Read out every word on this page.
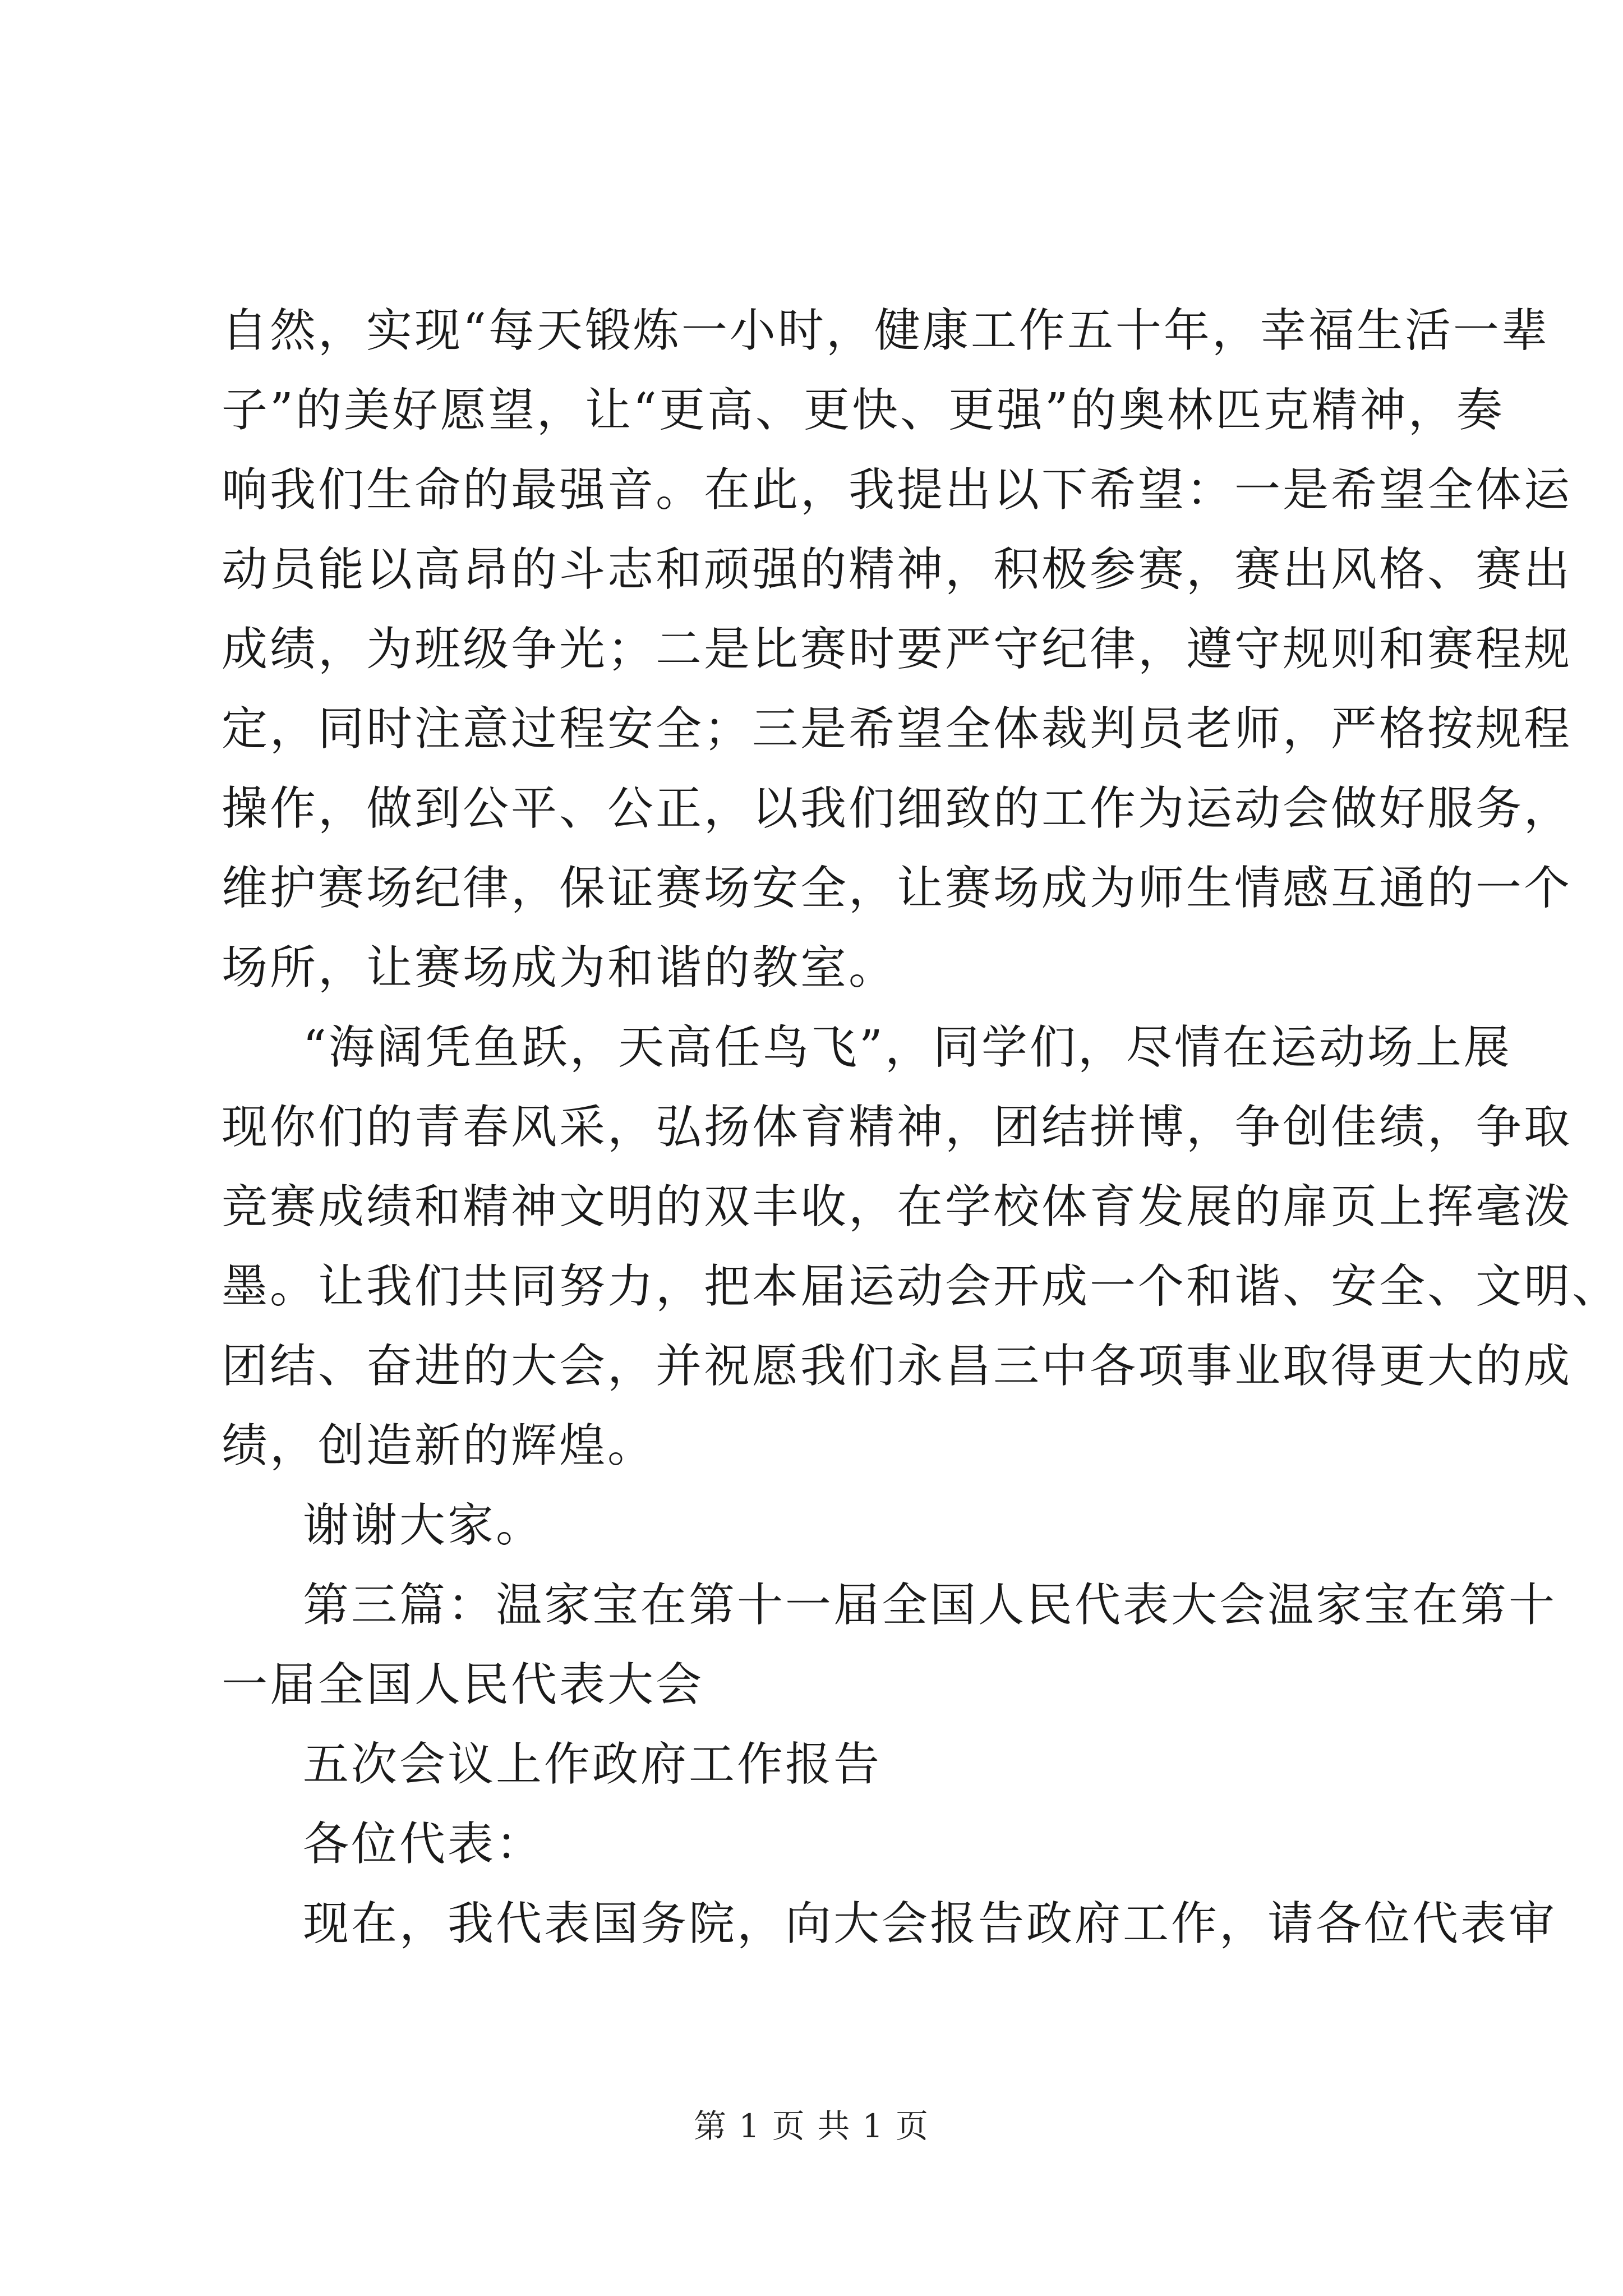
自然，实现“每天锻炼一小时，健康工作五十年，幸福生活一辈
子”的美好愿望，让“更高、更快、更强”的奥林匹克精神，奏
响我们生命的最强音。在此，我提出以下希望：一是希望全体运
动员能以高昂的斗志和顽强的精神，积极参赛，赛出风格、赛出
成绩，为班级争光；二是比赛时要严守纪律，遵守规则和赛程规
定，同时注意过程安全；三是希望全体裁判员老师，严格按规程
操作，做到公平、公正，以我们细致的工作为运动会做好服务，
维护赛场纪律，保证赛场安全，让赛场成为师生情感互通的一个
场所，让赛场成为和谐的教室。
“海阔凭鱼跃，天高任鸟飞”，同学们，尽情在运动场上展
现你们的青春风采，弘扬体育精神，团结拼博，争创佳绩，争取
竞赛成绩和精神文明的双丰收，在学校体育发展的扉页上挥毫泼
墨。让我们共同努力，把本届运动会开成一个和谐、安全、文明、
团结、奋进的大会，并祝愿我们永昌三中各项事业取得更大的成
绩，创造新的辉煌。
谢谢大家。
第三篇：温家宝在第十一届全国人民代表大会温家宝在第十
一届全国人民代表大会
五次会议上作政府工作报告
各位代表：
现在，我代表国务院，向大会报告政府工作，请各位代表审
第 1 页 共 1 页
